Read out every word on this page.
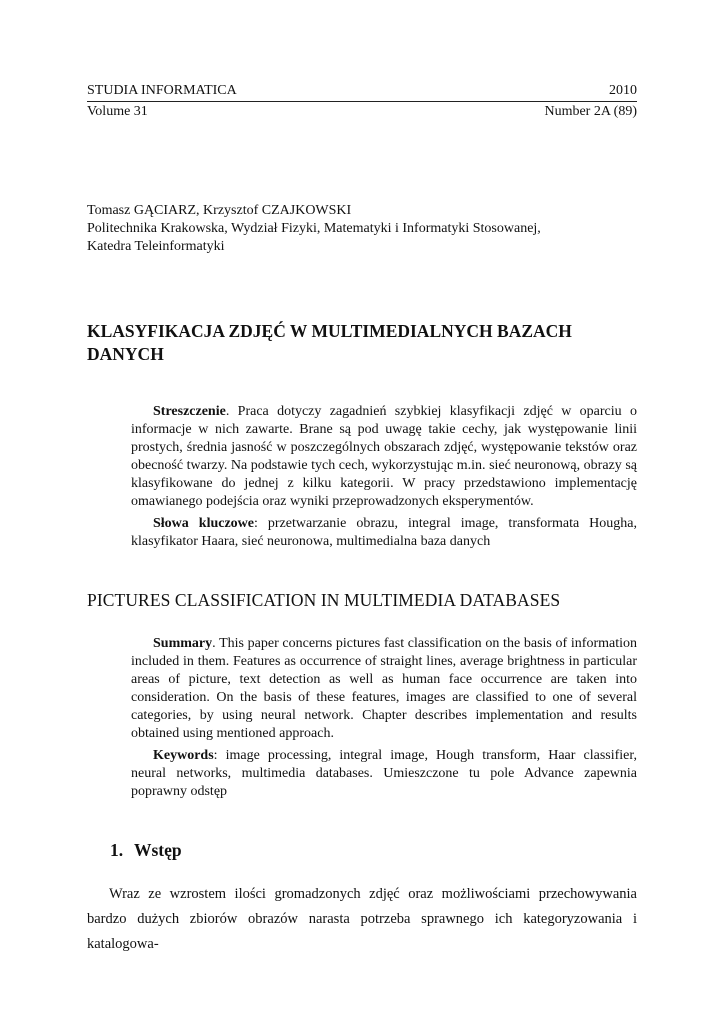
STUDIA INFORMATICA	2010
Volume 31	Number 2A (89)
Tomasz GĄCIARZ, Krzysztof CZAJKOWSKI
Politechnika Krakowska, Wydział Fizyki, Matematyki i Informatyki Stosowanej,
Katedra Teleinformatyki
KLASYFIKACJA ZDJĘĆ W MULTIMEDIALNYCH BAZACH DANYCH

Streszczenie. Praca dotyczy zagadnień szybkiej klasyfikacji zdjęć w oparciu o informacje w nich zawarte. Brane są pod uwagę takie cechy, jak występowanie linii prostych, średnia jasność w poszczególnych obszarach zdjęć, występowanie tekstów oraz obecność twarzy. Na podstawie tych cech, wykorzystując m.in. sieć neuronową, obrazy są klasyfikowane do jednej z kilku kategorii. W pracy przedstawiono implementację omawianego podejścia oraz wyniki przeprowadzonych eksperymentów.

Słowa kluczowe: przetwarzanie obrazu, integral image, transformata Hougha, klasyfikator Haara, sieć neuronowa, multimedialna baza danych

PICTURES CLASSIFICATION IN MULTIMEDIA DATABASES

Summary. This paper concerns pictures fast classification on the basis of information included in them. Features as occurrence of straight lines, average brightness in particular areas of picture, text detection as well as human face occurrence are taken into consideration. On the basis of these features, images are classified to one of several categories, by using neural network. Chapter describes implementation and results obtained using mentioned approach.

Keywords: image processing, integral image, Hough transform, Haar classifier, neural networks, multimedia databases. Umieszczone tu pole Advance zapewnia poprawny odstęp

1. Wstęp

Wraz ze wzrostem ilości gromadzonych zdjęć oraz możliwościami przechowywania bardzo dużych zbiorów obrazów narasta potrzeba sprawnego ich kategoryzowania i katalogowa-
